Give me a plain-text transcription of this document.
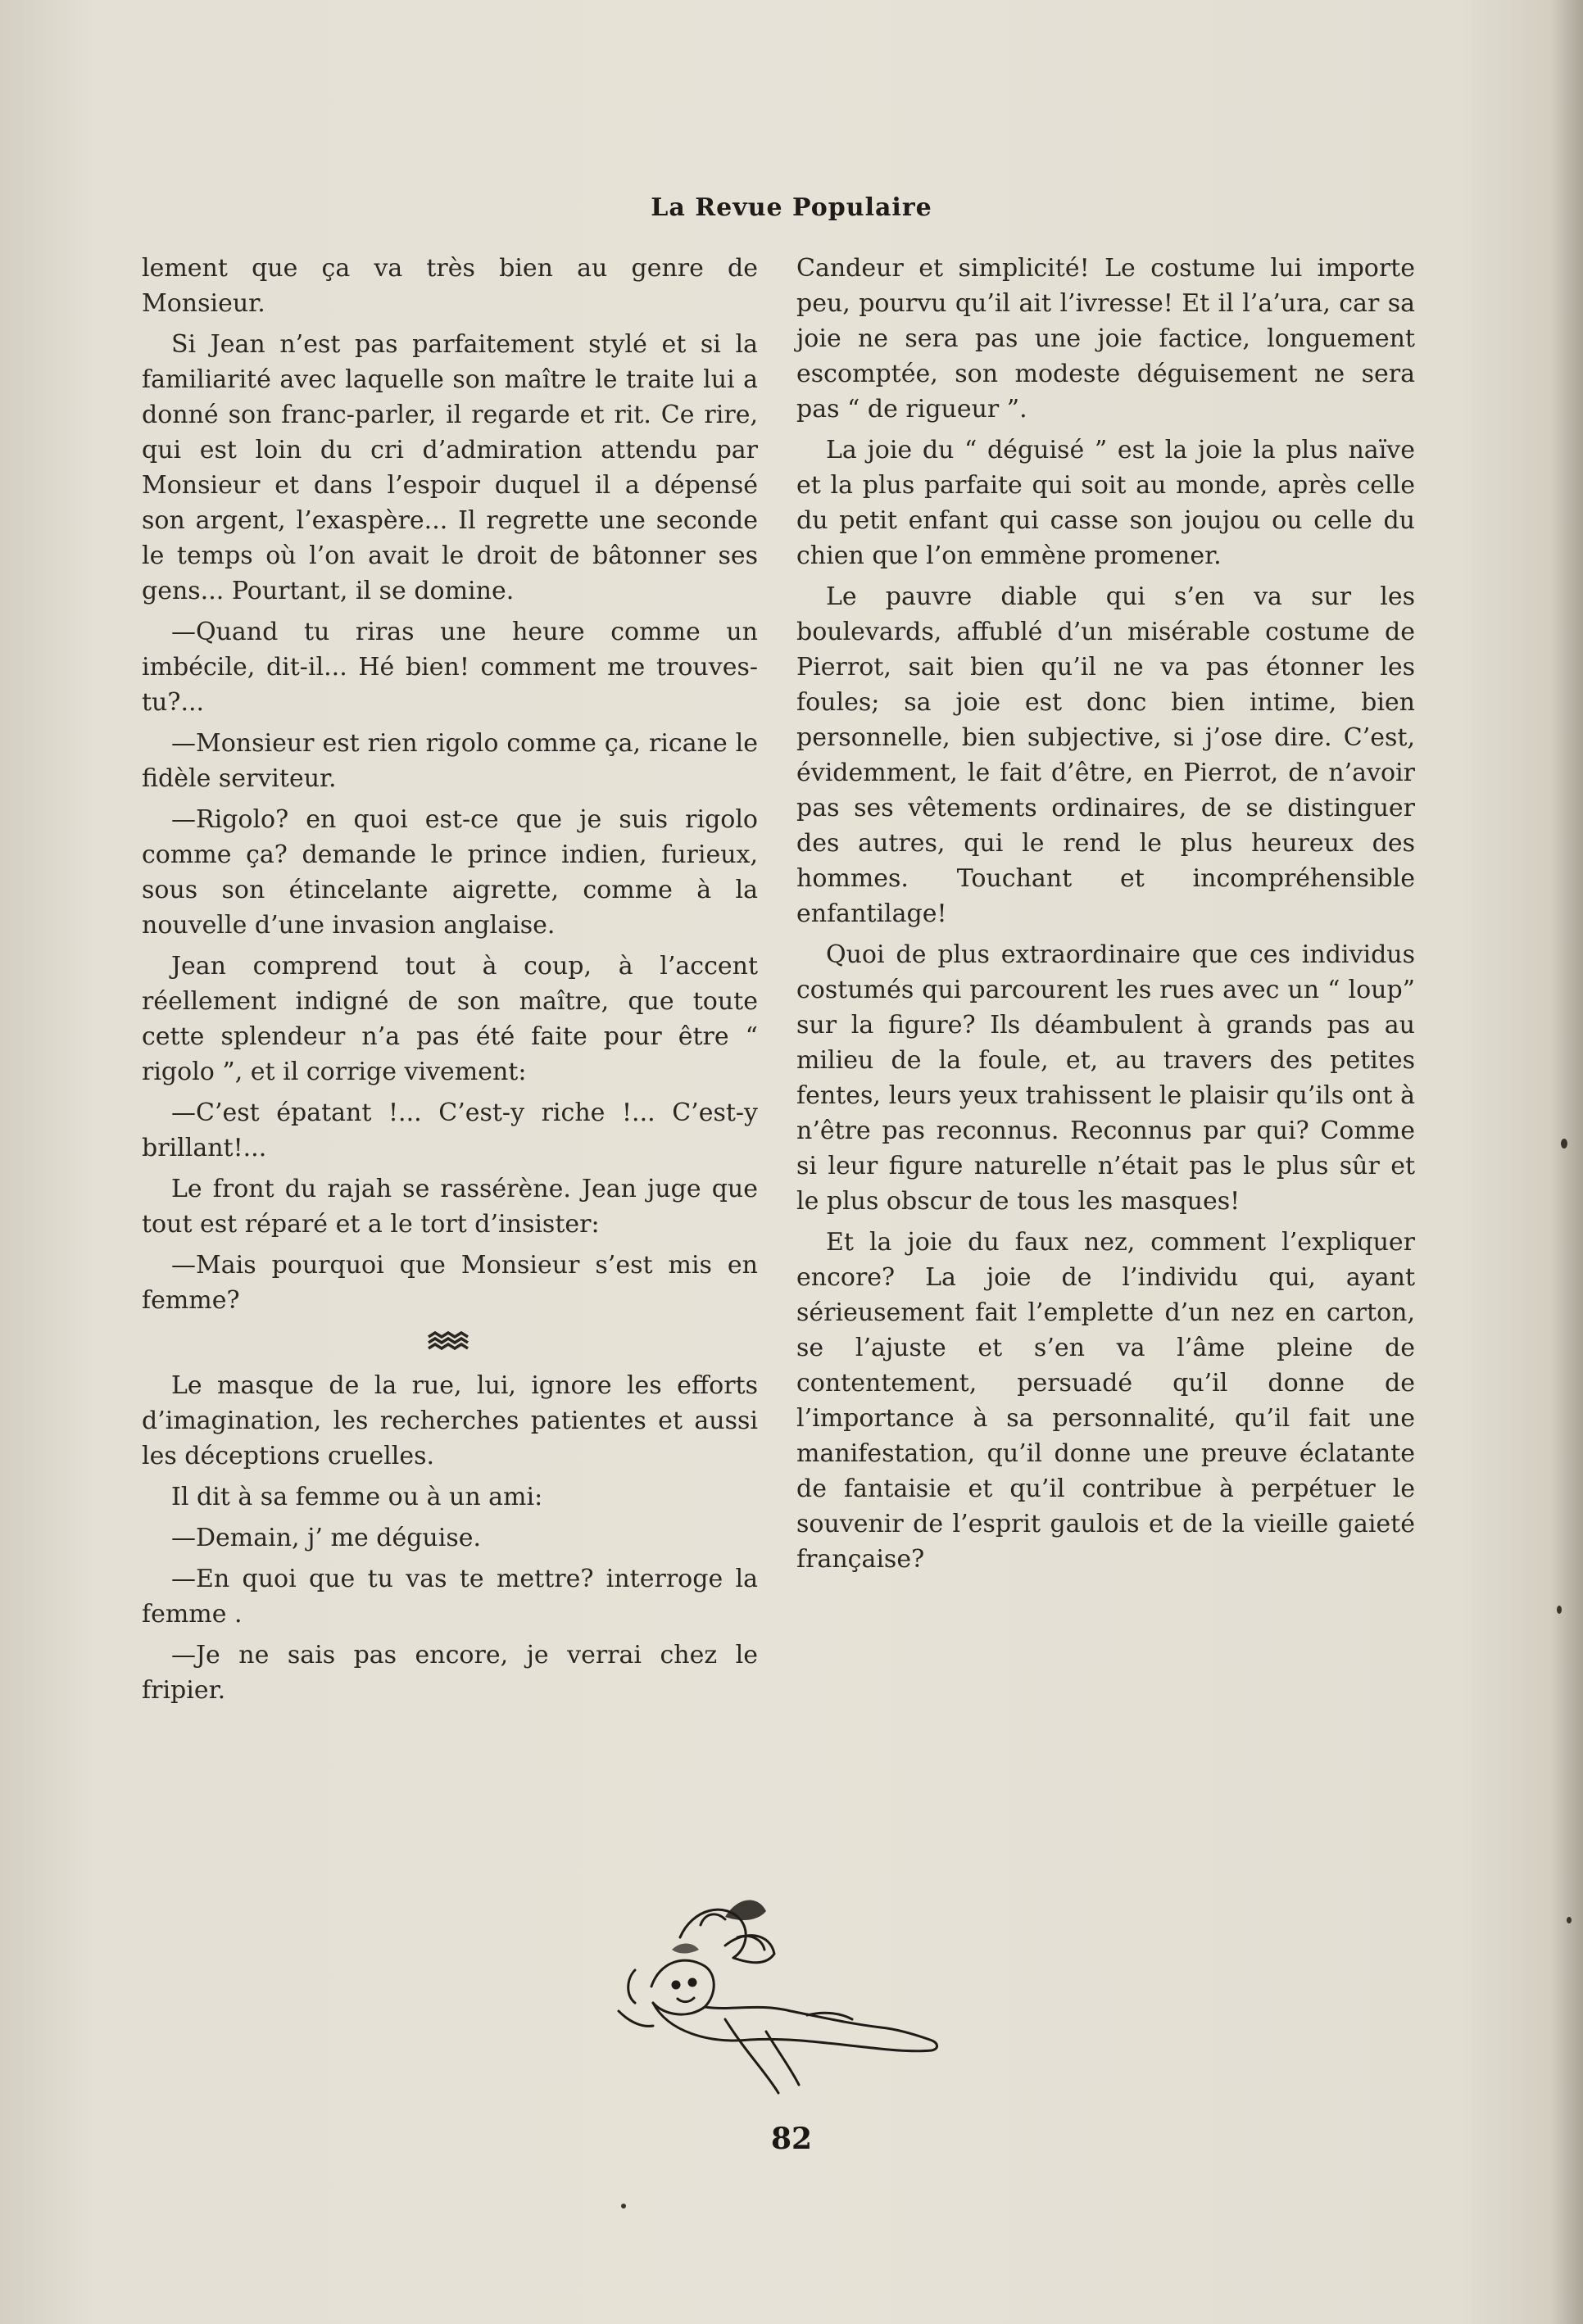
La Revue Populaire

lement que ça va très bien au genre de Monsieur.

Si Jean n’est pas parfaitement stylé et si la familiarité avec laquelle son maître le traite lui a donné son franc-parler, il regarde et rit. Ce rire, qui est loin du cri d’admiration attendu par Monsieur et dans l’espoir duquel il a dépensé son argent, l’exaspère... Il regrette une seconde le temps où l’on avait le droit de bâtonner ses gens... Pourtant, il se domine.

—Quand tu riras une heure comme un imbécile, dit-il... Hé bien! comment me trouves-tu?...

—Monsieur est rien rigolo comme ça, ricane le fidèle serviteur.

—Rigolo? en quoi est-ce que je suis rigolo comme ça? demande le prince indien, furieux, sous son étincelante aigrette, comme à la nouvelle d’une invasion anglaise.

Jean comprend tout à coup, à l’accent réellement indigné de son maître, que toute cette splendeur n’a pas été faite pour être “ rigolo ”, et il corrige vivement:

—C’est épatant !... C’est-y riche !... C’est-y brillant!...

Le front du rajah se rassérène. Jean juge que tout est réparé et a le tort d’insister:

—Mais pourquoi que Monsieur s’est mis en femme?

Le masque de la rue, lui, ignore les efforts d’imagination, les recherches patientes et aussi les déceptions cruelles.

Il dit à sa femme ou à un ami:

—Demain, j’ me déguise.

—En quoi que tu vas te mettre? interroge la femme .

—Je ne sais pas encore, je verrai chez le fripier.

Candeur et simplicité! Le costume lui importe peu, pourvu qu’il ait l’ivresse! Et il l’a’ura, car sa joie ne sera pas une joie factice, longuement escomptée, son modeste déguisement ne sera pas “ de rigueur ”.

La joie du “ déguisé ” est la joie la plus naïve et la plus parfaite qui soit au monde, après celle du petit enfant qui casse son joujou ou celle du chien que l’on emmène promener.

Le pauvre diable qui s’en va sur les boulevards, affublé d’un misérable costume de Pierrot, sait bien qu’il ne va pas étonner les foules; sa joie est donc bien intime, bien personnelle, bien subjective, si j’ose dire. C’est, évidemment, le fait d’être, en Pierrot, de n’avoir pas ses vêtements ordinaires, de se distinguer des autres, qui le rend le plus heureux des hommes. Touchant et incompréhensible enfantilage!

Quoi de plus extraordinaire que ces individus costumés qui parcourent les rues avec un “ loup” sur la figure? Ils déambulent à grands pas au milieu de la foule, et, au travers des petites fentes, leurs yeux trahissent le plaisir qu’ils ont à n’être pas reconnus. Reconnus par qui? Comme si leur figure naturelle n’était pas le plus sûr et le plus obscur de tous les masques!

Et la joie du faux nez, comment l’expliquer encore? La joie de l’individu qui, ayant sérieusement fait l’emplette d’un nez en carton, se l’ajuste et s’en va l’âme pleine de contentement, persuadé qu’il donne de l’importance à sa personnalité, qu’il fait une manifestation, qu’il donne une preuve éclatante de fantaisie et qu’il contribue à perpétuer le souvenir de l’esprit gaulois et de la vieille gaieté française?

82
